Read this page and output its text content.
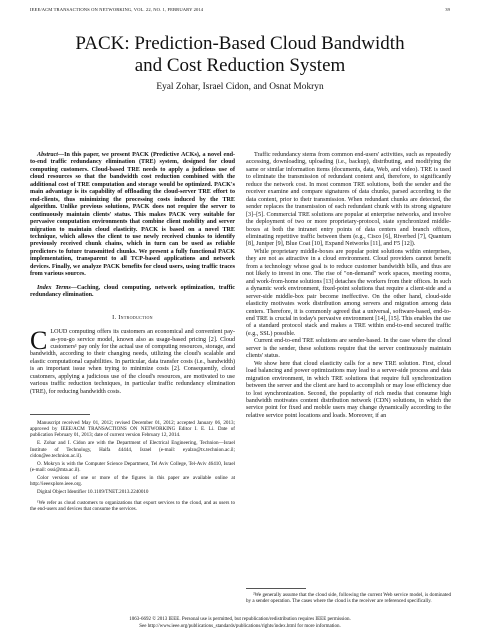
IEEE/ACM TRANSACTIONS ON NETWORKING, VOL. 22, NO. 1, FEBRUARY 2014	39
PACK: Prediction-Based Cloud Bandwidth
and Cost Reduction System
Eyal Zohar, Israel Cidon, and Osnat Mokryn

Abstract—In this paper, we present PACK (Predictive ACKs), a novel end-to-end traffic redundancy elimination (TRE) system, designed for cloud computing customers. Cloud-based TRE needs to apply a judicious use of cloud resources so that the bandwidth cost reduction combined with the additional cost of TRE computation and storage would be optimized. PACK's main advantage is its capability of offloading the cloud-server TRE effort to end-clients, thus minimizing the processing costs induced by the TRE algorithm. Unlike previous solutions, PACK does not require the server to continuously maintain clients' status. This makes PACK very suitable for pervasive computation environments that combine client mobility and server migration to maintain cloud elasticity. PACK is based on a novel TRE technique, which allows the client to use newly received chunks to identify previously received chunk chains, which in turn can be used as reliable predictors to future transmitted chunks. We present a fully functional PACK implementation, transparent to all TCP-based applications and network devices. Finally, we analyze PACK benefits for cloud users, using traffic traces from various sources.

Index Terms—Caching, cloud computing, network optimization, traffic redundancy elimination.

I. Introduction

CLOUD computing offers its customers an economical and convenient pay-as-you-go service model, known also as usage-based pricing [2]. Cloud customers¹ pay only for the actual use of computing resources, storage, and bandwidth, according to their changing needs, utilizing the cloud's scalable and elastic computational capabilities. In particular, data transfer costs (i.e., bandwidth) is an important issue when trying to minimize costs [2]. Consequently, cloud customers, applying a judicious use of the cloud's resources, are motivated to use various traffic reduction techniques, in particular traffic redundancy elimination (TRE), for reducing bandwidth costs.

Manuscript received May 01, 2012; revised December 01, 2012; accepted January 06, 2013; approved by IEEE/ACM TRANSACTIONS ON NETWORKING Editor I. E. Li. Date of publication February 01, 2013; date of current version February 12, 2014.

E. Zohar and I. Cidon are with the Department of Electrical Engineering, Technion—Israel Institute of Technology, Haifa 44444, Israel (e-mail: eyalzo@tx.technion.ac.il; cidon@ee.technion.ac.il).

O. Mokryn is with the Computer Science Department, Tel Aviv College, Tel-Aviv 46410, Israel (e-mail: ossi@mta.ac.il).

Color versions of one or more of the figures in this paper are available online at http://ieeexplore.ieee.org.

Digital Object Identifier 10.1109/TNET.2013.2240010

¹We refer as cloud customers to organizations that export services to the cloud, and as users to the end-users and devices that consume the services.

Traffic redundancy stems from common end-users' activities, such as repeatedly accessing, downloading, uploading (i.e., backup), distributing, and modifying the same or similar information items (documents, data, Web, and video). TRE is used to eliminate the transmission of redundant content and, therefore, to significantly reduce the network cost. In most common TRE solutions, both the sender and the receiver examine and compare signatures of data chunks, parsed according to the data content, prior to their transmission. When redundant chunks are detected, the sender replaces the transmission of each redundant chunk with its strong signature [3]–[5]. Commercial TRE solutions are popular at enterprise networks, and involve the deployment of two or more proprietary-protocol, state synchronized middle-boxes at both the intranet entry points of data centers and branch offices, eliminating repetitive traffic between them (e.g., Cisco [6], Riverbed [7], Quantum [8], Juniper [9], Blue Coat [10], Expand Networks [11], and F5 [12]).

While proprietary middle-boxes are popular point solutions within enterprises, they are not as attractive in a cloud environment. Cloud providers cannot benefit from a technology whose goal is to reduce customer bandwidth bills, and thus are not likely to invest in one. The rise of "on-demand" work spaces, meeting rooms, and work-from-home solutions [13] detaches the workers from their offices. In such a dynamic work environment, fixed-point solutions that require a client-side and a server-side middle-box pair become ineffective. On the other hand, cloud-side elasticity motivates work distribution among servers and migration among data centers. Therefore, it is commonly agreed that a universal, software-based, end-to-end TRE is crucial in today's pervasive environment [14], [15]. This enables the use of a standard protocol stack and makes a TRE within end-to-end secured traffic (e.g., SSL) possible.

Current end-to-end TRE solutions are sender-based. In the case where the cloud server is the sender, these solutions require that the server continuously maintain clients' status.

We show here that cloud elasticity calls for a new TRE solution. First, cloud load balancing and power optimizations may lead to a server-side process and data migration environment, in which TRE solutions that require full synchronization between the server and the client are hard to accomplish or may lose efficiency due to lost synchronization. Second, the popularity of rich media that consume high bandwidth motivates content distribution network (CDN) solutions, in which the service point for fixed and mobile users may change dynamically according to the relative service point locations and loads. Moreover, if an

²We generally assume that the cloud side, following the current Web service model, is dominated by a sender operation. The cases where the cloud is the receiver are referenced specifically.

1063-6692 © 2013 IEEE. Personal use is permitted, but republication/redistribution requires IEEE permission.
See http://www.ieee.org/publications_standards/publications/rights/index.html for more information.
